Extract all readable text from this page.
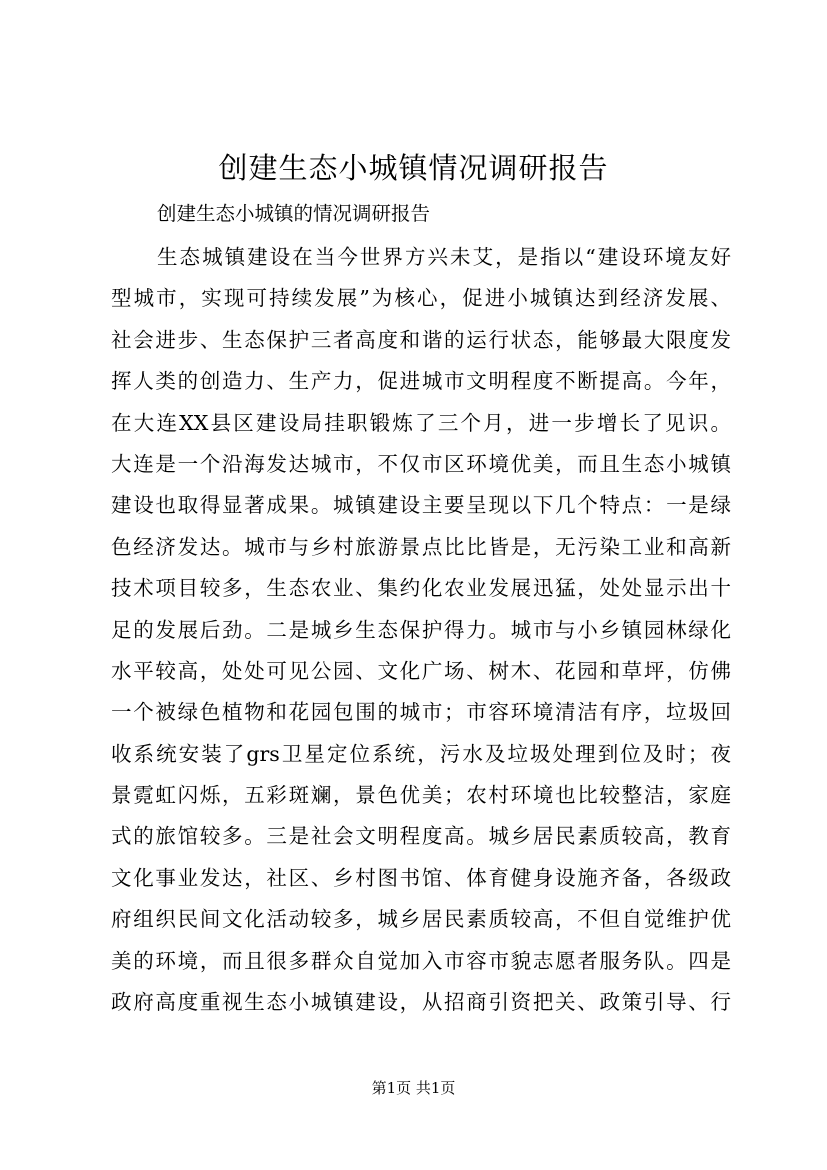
创建生态小城镇情况调研报告
创建生态小城镇的情况调研报告
生态城镇建设在当今世界方兴未艾，是指以“建设环境友好
型城市，实现可持续发展”为核心，促进小城镇达到经济发展、
社会进步、生态保护三者高度和谐的运行状态，能够最大限度发
挥人类的创造力、生产力，促进城市文明程度不断提高。今年，
在大连XX县区建设局挂职锻炼了三个月，进一步增长了见识。
大连是一个沿海发达城市，不仅市区环境优美，而且生态小城镇
建设也取得显著成果。城镇建设主要呈现以下几个特点：一是绿
色经济发达。城市与乡村旅游景点比比皆是，无污染工业和高新
技术项目较多，生态农业、集约化农业发展迅猛，处处显示出十
足的发展后劲。二是城乡生态保护得力。城市与小乡镇园林绿化
水平较高，处处可见公园、文化广场、树木、花园和草坪，仿佛
一个被绿色植物和花园包围的城市；市容环境清洁有序，垃圾回
收系统安装了grs卫星定位系统，污水及垃圾处理到位及时；夜
景霓虹闪烁，五彩斑斓，景色优美；农村环境也比较整洁，家庭
式的旅馆较多。三是社会文明程度高。城乡居民素质较高，教育
文化事业发达，社区、乡村图书馆、体育健身设施齐备，各级政
府组织民间文化活动较多，城乡居民素质较高，不但自觉维护优
美的环境，而且很多群众自觉加入市容市貌志愿者服务队。四是
政府高度重视生态小城镇建设，从招商引资把关、政策引导、行
第1页 共1页
